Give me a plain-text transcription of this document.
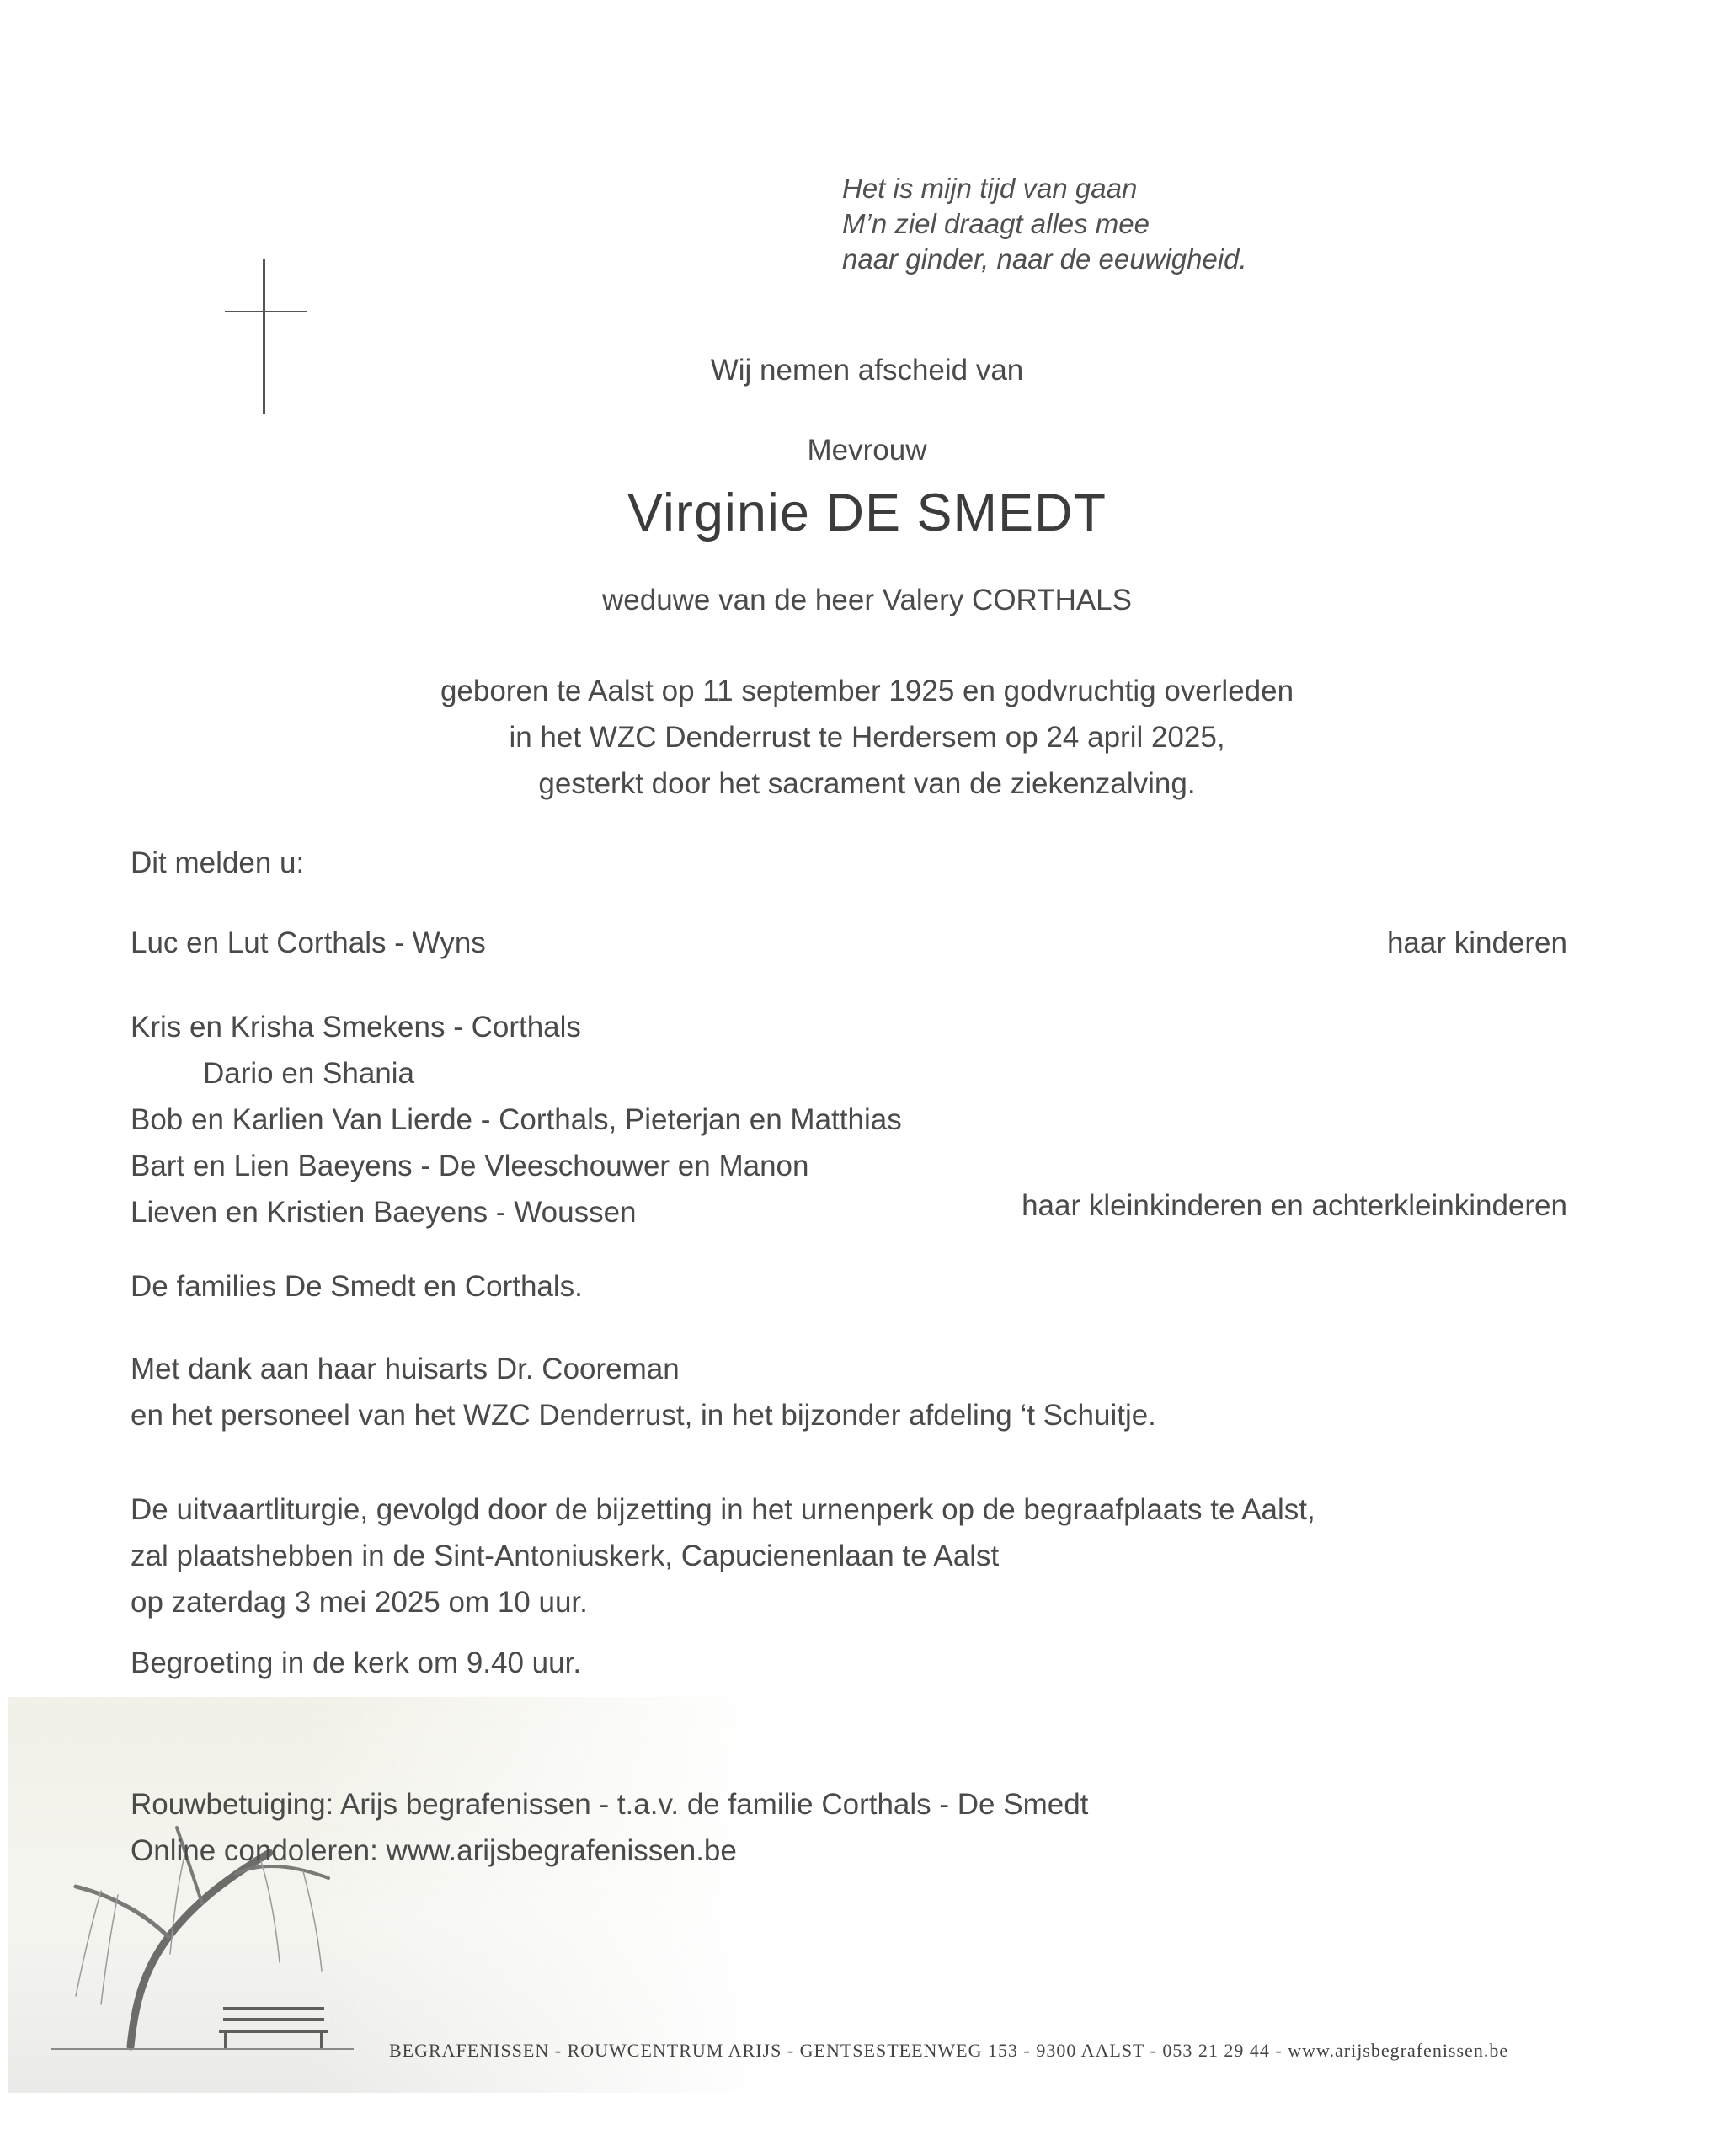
Het is mijn tijd van gaan
M’n ziel draagt alles mee
naar ginder, naar de eeuwigheid.
Wij nemen afscheid van
Mevrouw
Virginie DE SMEDT
weduwe van de heer Valery CORTHALS
geboren te Aalst op 11 september 1925 en godvruchtig overleden
in het WZC Denderrust te Herdersem op 24 april 2025,
gesterkt door het sacrament van de ziekenzalving.
Dit melden u:
Luc en Lut Corthals - Wyns	haar kinderen
Kris en Krisha Smekens - Corthals
Dario en Shania
Bob en Karlien Van Lierde - Corthals, Pieterjan en Matthias
Bart en Lien Baeyens - De Vleeschouwer en Manon
Lieven en Kristien Baeyens - Woussen	haar kleinkinderen en achterkleinkinderen
De families De Smedt en Corthals.
Met dank aan haar huisarts Dr. Cooreman
en het personeel van het WZC Denderrust, in het bijzonder afdeling ‘t Schuitje.
De uitvaartliturgie, gevolgd door de bijzetting in het urnenperk op de begraafplaats te Aalst,
zal plaatshebben in de Sint-Antoniuskerk, Capucienenlaan te Aalst
op zaterdag 3 mei 2025 om 10 uur.
Begroeting in de kerk om 9.40 uur.
Rouwbetuiging: Arijs begrafenissen - t.a.v. de familie Corthals - De Smedt
Online condoleren: www.arijsbegrafenissen.be
BEGRAFENISSEN - ROUWCENTRUM ARIJS - GENTSESTEENWEG 153 - 9300 AALST - 053 21 29 44 - www.arijsbegrafenissen.be
